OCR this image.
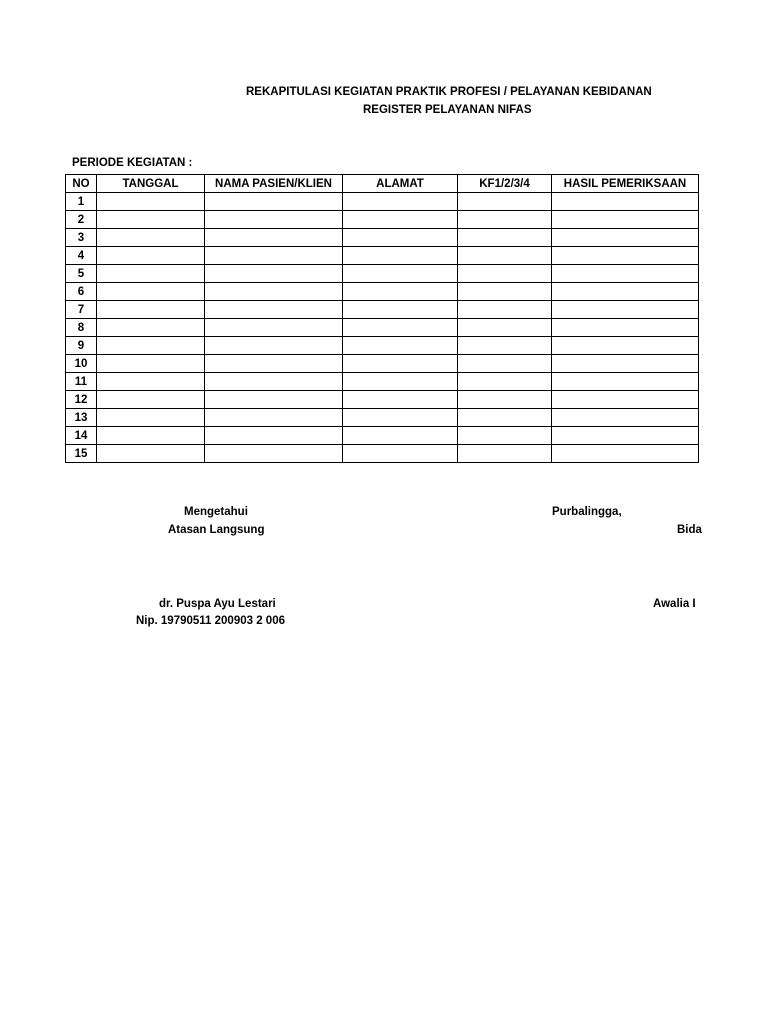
REKAPITULASI KEGIATAN PRAKTIK PROFESI / PELAYANAN KEBIDANAN
REGISTER PELAYANAN NIFAS
PERIODE KEGIATAN :
NO	TANGGAL	NAMA PASIEN/KLIEN	ALAMAT	KF1/2/3/4	HASIL PEMERIKSAAN
1					
2					
3					
4					
5					
6					
7					
8					
9					
10					
11					
12					
13					
14					
15					
Mengetahui
Atasan Langsung
dr. Puspa Ayu Lestari
Nip. 19790511 200903 2 006
Purbalingga,
Bida
Awalia I
